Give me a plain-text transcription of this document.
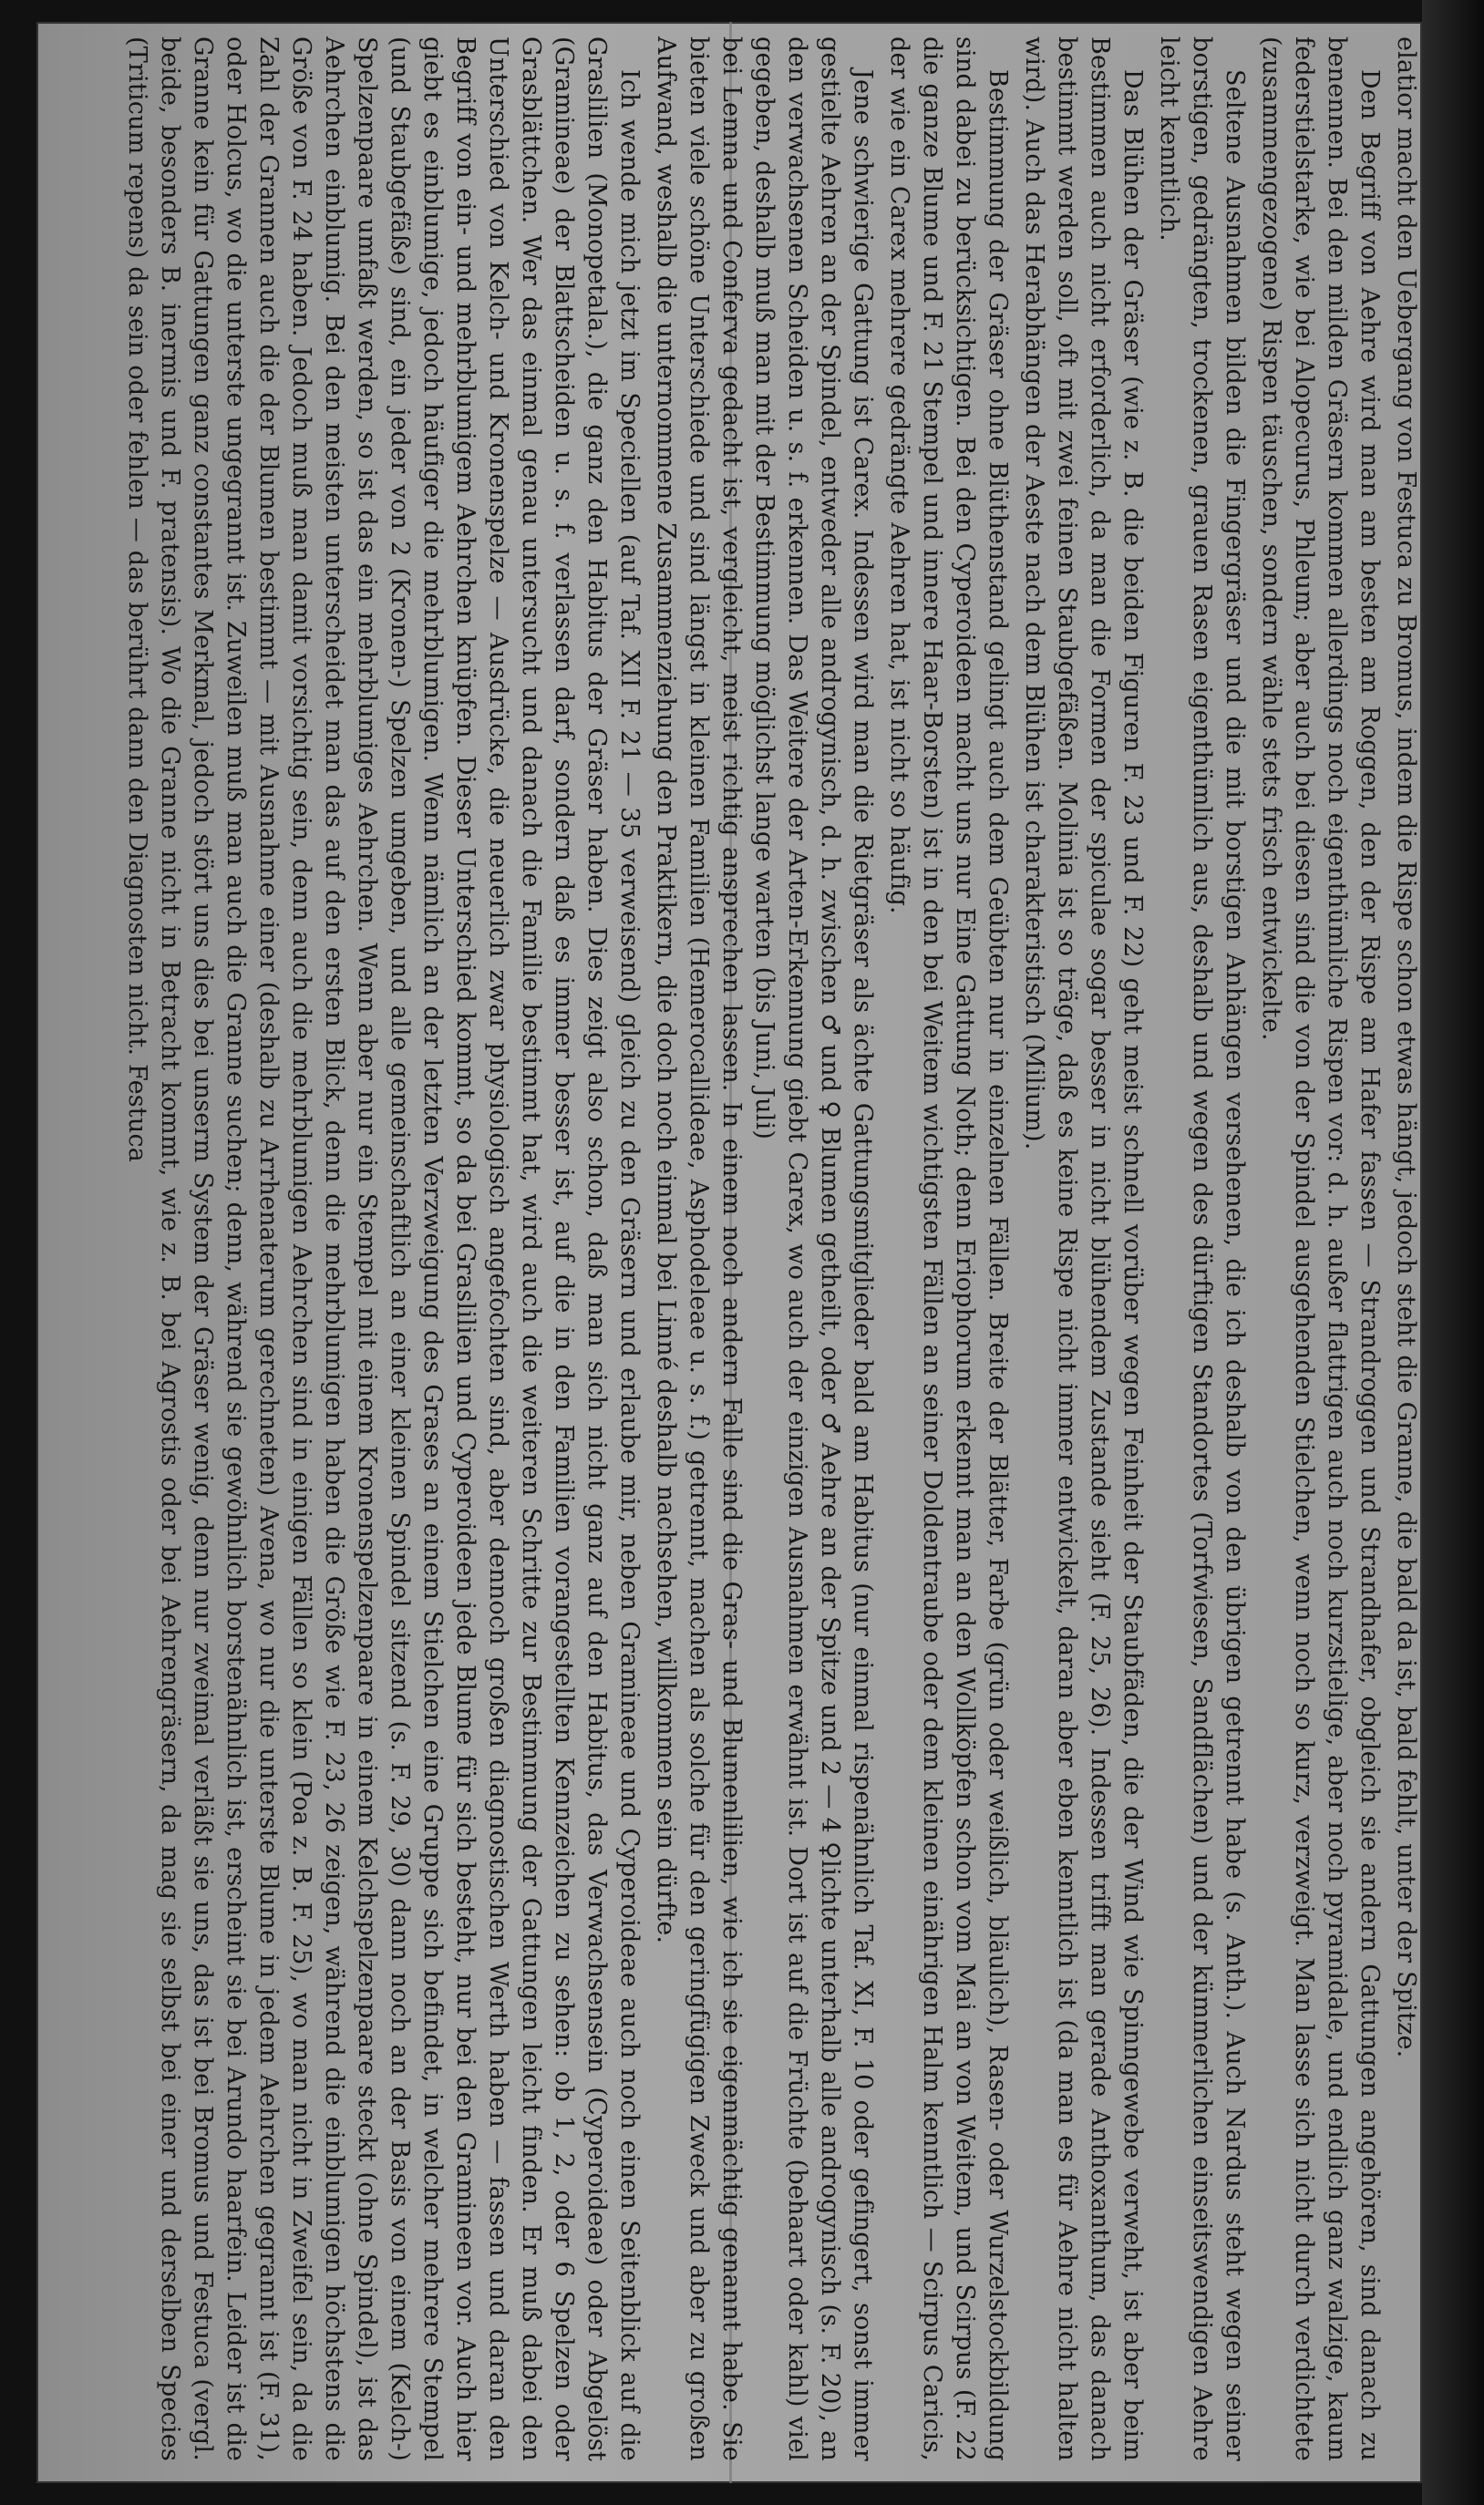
bei Lemna und Conferva gedacht ist, vergleicht, meist richtig ansprechen lassen. In einem noch andern Falle sind die Gras- und Blumenlilien, wie ich sie eigenmächtig genannt habe. Sie bieten viele schöne Unterschiede und sind längst in kleinen Familien (Hemerocallideae, Asphodeleae u. s. f.) getrennt, machen als solche für den geringfügigen Zweck und aber zu großen Aufwand, weshalb die unternommene Zusammenziehung den Praktikern, die doch noch einmal bei Linné deshalb nachsehen, willkommen sein dürfte.

Ich wende mich jetzt im Speciellen (auf Taf. XII F. 21 — 35 verweisend) gleich zu den Gräsern und erlaube mir, neben Gramineae und Cyperoideae auch noch einen Seitenblick auf die Graslilien (Monopetala.), die ganz den Habitus der Gräser haben. Dies zeigt also schon, daß man sich nicht ganz auf den Habitus, das Verwachsensein (Cyperoideae) oder Abgelöst (Gramineae) der Blattscheiden u. s. f. verlassen darf, sondern daß es immer besser ist, auf die in den Familien vorangestellten Kennzeichen zu sehen: ob 1, 2, oder 6 Spelzen oder Grasblättchen. Wer das einmal genau untersucht und danach die Familie bestimmt hat, wird auch die weiteren Schritte zur Bestimmung der Gattungen leicht finden. Er muß dabei den Unterschied von Kelch- und Kronenspelze — Ausdrücke, die neuerlich zwar physiologisch angefochten sind, aber dennoch großen diagnostischen Werth haben — fassen und daran den Begriff von ein- und mehrblumigem Aehrchen knüpfen. Dieser Unterschied kommt, so da bei Graslilien und Cyperoideen jede Blume für sich besteht, nur bei den Gramineen vor. Auch hier giebt es einblumige, jedoch häufiger die mehrblumigen. Wenn nämlich an der letzten Verzweigung des Grases an einem Stielchen eine Gruppe sich befindet, in welcher mehrere Stempel (und Staubgefäße) sind, ein jeder von 2 (Kronen-) Spelzen umgeben, und alle gemeinschaftlich an einer kleinen Spindel sitzend (s. F. 29, 30) dann noch an der Basis von einem (Kelch-) Spelzenpaare umfaßt werden, so ist das ein mehrblumiges Aehrchen. Wenn aber nur ein Stempel mit einem Kronenspelzenpaare in einem Kelchspelzenpaare steckt (ohne Spindel), ist das Aehrchen einblumig. Bei den meisten unterscheidet man das auf den ersten Blick, denn die mehrblumigen haben die Größe wie F. 23, 26 zeigen, während die einblumigen höchstens die Größe von F. 24 haben. Jedoch muß man damit vorsichtig sein, denn auch die mehrblumigen Aehrchen sind in einigen Fällen so klein (Poa z. B. F. 25), wo man nicht in Zweifel sein, da die Zahl der Grannen auch die der Blumen bestimmt — mit Ausnahme einer (deshalb zu Arrhenaterum gerechneten) Avena, wo nur die unterste Blume in jedem Aehrchen gegrannt ist (F. 31), oder Holcus, wo die unterste ungegrannt ist. Zuweilen muß man auch die Granne suchen; denn, während sie gewöhnlich borstenähnlich ist, erscheint sie bei Arundo haarfein. Leider ist die Granne kein für Gattungen ganz constantes Merkmal, jedoch stört uns dies bei unserm System der Gräser wenig, denn nur zweimal verläßt sie uns, das ist bei Bromus und Festuca (vergl. beide, besonders B. inermis und F. pratensis). Wo die Granne nicht in Betracht kommt, wie z. B. bei Agrostis oder bei Aehrengräsern, da mag sie selbst bei einer und derselben Species (Triticum repens) da sein oder fehlen — das berührt dann den Diagnosten nicht. Festuca	elatior macht den Uebergang von Festuca zu Bromus, indem die Rispe schon etwas hängt, jedoch steht die Granne, die bald da ist, bald fehlt, unter der Spitze.

Den Begriff von Aehre wird man am besten am Roggen, den der Rispe am Hafer fassen — Strandroggen und Strandhafer, obgleich sie andern Gattungen angehören, sind danach zu benennen. Bei den milden Gräsern kommen allerdings noch eigenthümliche Rispen vor: d. h. außer flattrigen auch noch kurzstielige, aber noch pyramidale, und endlich ganz walzige, kaum federstielstarke, wie bei Alopecurus, Phleum; aber auch bei diesen sind die von der Spindel ausgehenden Stielchen, wenn noch so kurz, verzweigt. Man lasse sich nicht durch verdichtete (zusammengezogene) Rispen täuschen, sondern wähle stets frisch entwickelte.

Seltene Ausnahmen bilden die Fingergräser und die mit borstigen Anhängen versehenen, die ich deshalb von den übrigen getrennt habe (s. Anth.). Auch Nardus steht wegen seiner borstigen, gedrängten, trockenen, grauen Rasen eigenthümlich aus, deshalb und wegen des dürftigen Standortes (Torfwiesen, Sandflächen) und der kümmerlichen einseitswendigen Aehre leicht kenntlich.

Das Blühen der Gräser (wie z. B. die beiden Figuren F. 23 und F. 22) geht meist schnell vorüber wegen Feinheit der Staubfäden, die der Wind wie Spinngewebe verweht, ist aber beim Bestimmen auch nicht erforderlich, da man die Formen der spiculae sogar besser in nicht blühendem Zustande sieht (F. 25, 26). Indessen trifft man gerade Anthoxanthum, das danach bestimmt werden soll, oft mit zwei feinen Staubgefäßen. Molinia ist so träge, daß es keine Rispe nicht immer entwickelt, daran aber eben kenntlich ist (da man es für Aehre nicht halten wird). Auch das Herabhängen der Aeste nach dem Blühen ist charakteristisch (Milium).

Bestimmung der Gräser ohne Blüthenstand gelingt auch dem Geübten nur in einzelnen Fällen. Breite der Blätter, Farbe (grün oder weißlich, bläulich), Rasen- oder Wurzelstockbildung sind dabei zu berücksichtigen. Bei den Cyperoideen macht uns nur Eine Gattung Noth; denn Eriophorum erkennt man an den Wollköpfen schon vom Mai an von Weitem, und Scirpus (F. 22 die ganze Blume und F. 21 Stempel und innere Haar-Borsten) ist in den bei Weitem wichtigsten Fällen an seiner Doldentraube oder dem kleinen einährigen Halm kenntlich — Scirpus Caricis, der wie ein Carex mehrere gedrängte Aehren hat, ist nicht so häufig.

Jene schwierige Gattung ist Carex. Indessen wird man die Rietgräser als ächte Gattungsmitglieder bald am Habitus (nur einmal rispenähnlich Taf. XI, F. 10 oder gefingert, sonst immer gestielte Aehren an der Spindel, entweder alle androgynisch, d. h. zwischen ♂ und ♀ Blumen getheilt, oder ♂ Aehre an der Spitze und 2 — 4 ♀lichte unterhalb alle androgynisch (s. F. 20), an den verwachsenen Scheiden u. s. f. erkennen. Das Weitere der Arten-Erkennung giebt Carex, wo auch der einzigen Ausnahmen erwähnt ist. Dort ist auf die Früchte (behaart oder kahl) viel gegeben, deshalb muß man mit der Bestimmung möglichst lange warten (bis Juni, Juli)
